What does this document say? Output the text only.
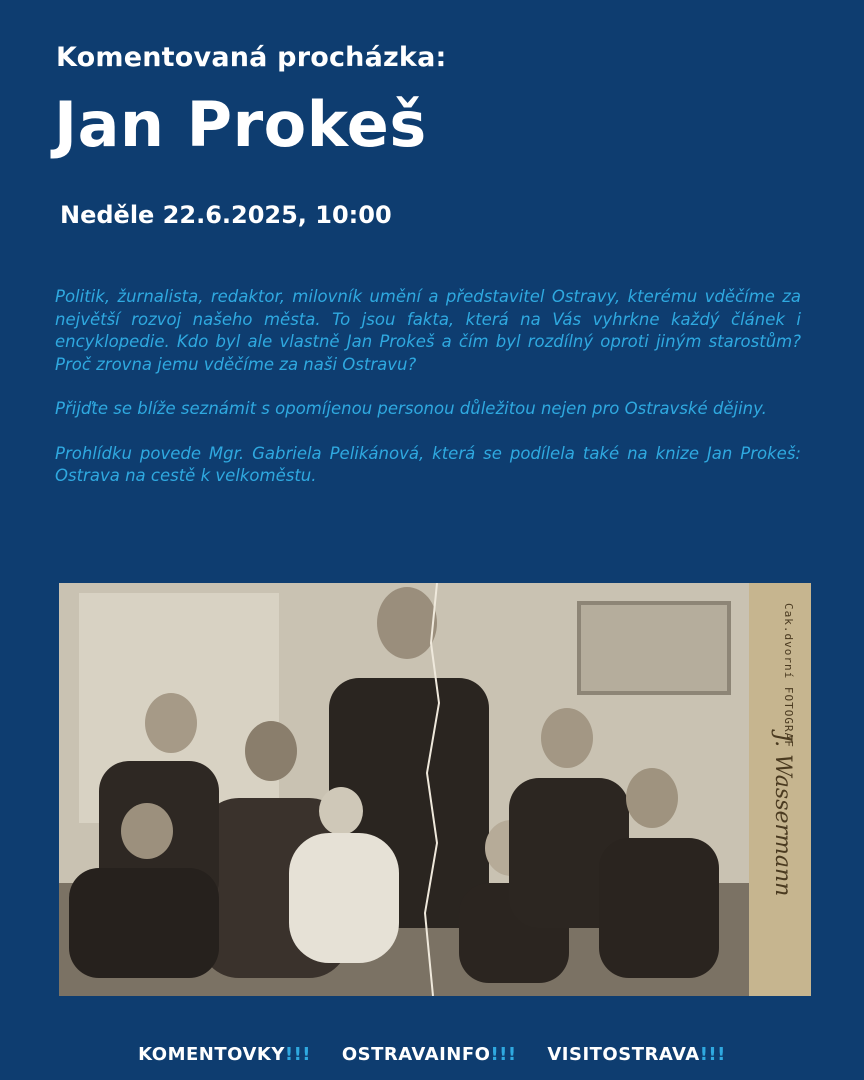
Komentovaná procházka:
Jan Prokeš
Neděle 22.6.2025, 10:00

Politik, žurnalista, redaktor, milovník umění a představitel Ostravy, kterému vděčíme za největší rozvoj našeho města. To jsou fakta, která na Vás vyhrkne každý článek i encyklopedie. Kdo byl ale vlastně Jan Prokeš a čím byl rozdílný oproti jiným starostům? Proč zrovna jemu vděčíme za naši Ostravu?

Přijďte se blíže seznámit s opomíjenou personou důležitou nejen pro Ostravské dějiny.

Prohlídku povede Mgr. Gabriela Pelikánová, která se podílela také na knize Jan Prokeš: Ostrava na cestě k velkoměstu.

Cak.dvorní FOTOGRAF
J. Wassermann
KOMENTOVKY!!! OSTRAVAINFO!!! VISITOSTRAVA!!!
